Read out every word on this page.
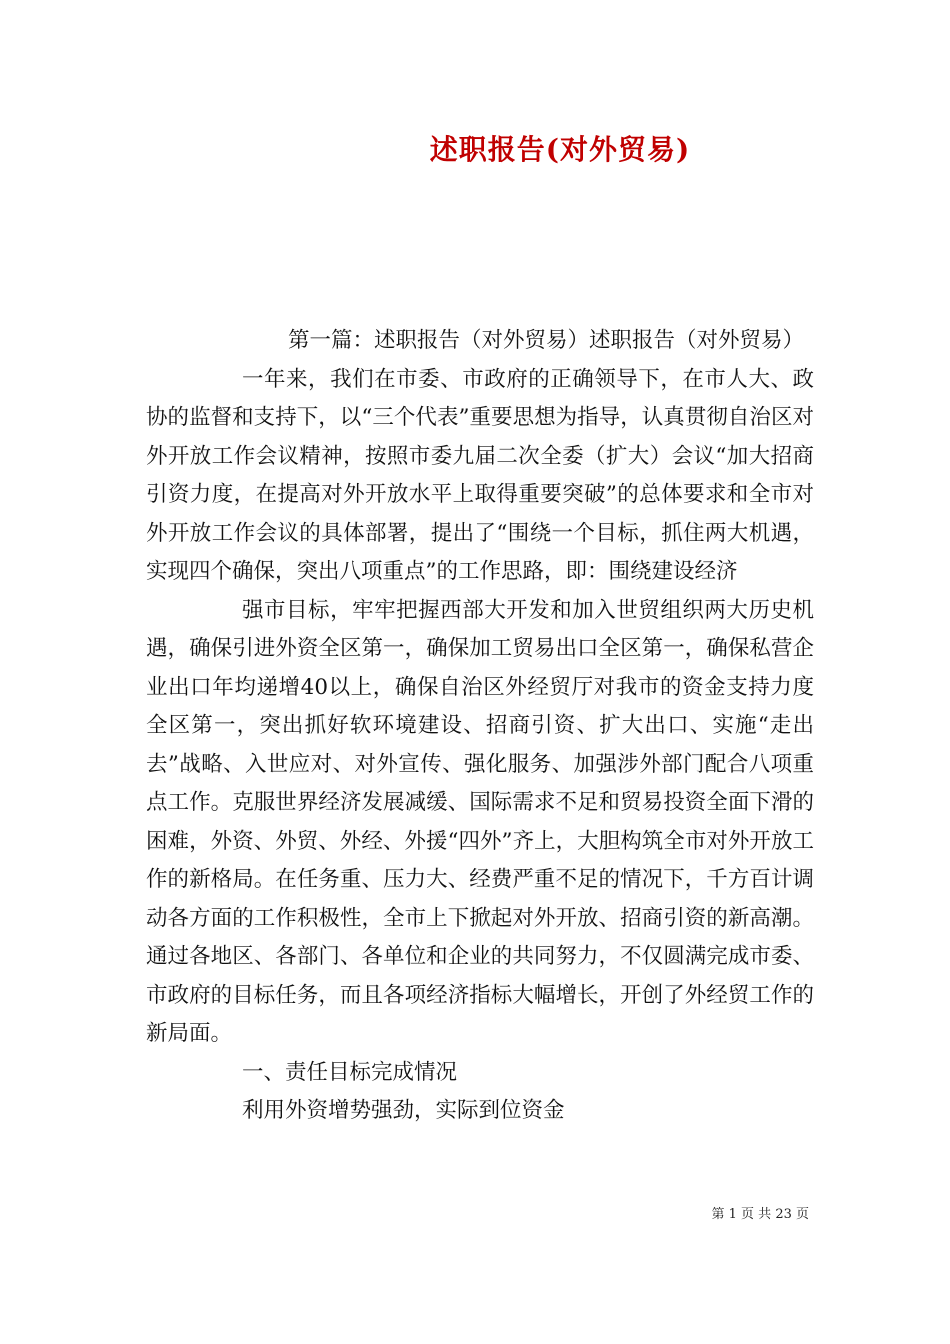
述职报告(对外贸易)

第一篇：述职报告（对外贸易）述职报告（对外贸易）

一年来，我们在市委、市政府的正确领导下，在市人大、政协的监督和支持下，以“三个代表”重要思想为指导，认真贯彻自治区对外开放工作会议精神，按照市委九届二次全委（扩大）会议“加大招商引资力度，在提高对外开放水平上取得重要突破”的总体要求和全市对外开放工作会议的具体部署，提出了“围绕一个目标，抓住两大机遇，实现四个确保，突出八项重点”的工作思路，即：围绕建设经济

强市目标，牢牢把握西部大开发和加入世贸组织两大历史机遇，确保引进外资全区第一，确保加工贸易出口全区第一，确保私营企业出口年均递增40以上，确保自治区外经贸厅对我市的资金支持力度全区第一，突出抓好软环境建设、招商引资、扩大出口、实施“走出去”战略、入世应对、对外宣传、强化服务、加强涉外部门配合八项重点工作。克服世界经济发展减缓、国际需求不足和贸易投资全面下滑的困难，外资、外贸、外经、外援“四外”齐上，大胆构筑全市对外开放工作的新格局。在任务重、压力大、经费严重不足的情况下，千方百计调动各方面的工作积极性，全市上下掀起对外开放、招商引资的新高潮。通过各地区、各部门、各单位和企业的共同努力，不仅圆满完成市委、市政府的目标任务，而且各项经济指标大幅增长，开创了外经贸工作的新局面。

一、责任目标完成情况

利用外资增势强劲，实际到位资金

第 1 页 共 23 页
